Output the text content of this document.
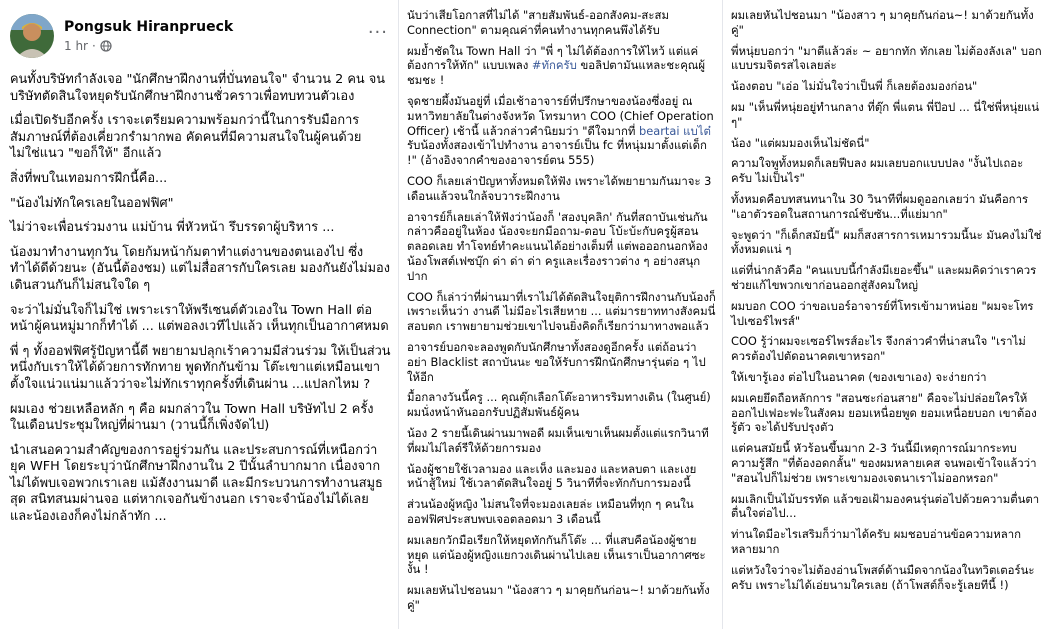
Pongsuk Hiranprueck
1 hr ·
···

คนทั้งบริษัทกำลังเจอ "นักศึกษาฝึกงานที่บั่นทอนใจ" จำนวน 2 คน จนบริษัทตัดสินใจหยุดรับนักศึกษาฝึกงานชั่วคราวเพื่อทบทวนตัวเอง

เมื่อเปิดรับอีกครั้ง เราจะเตรียมความพร้อมกว่านี้ในการรับมือการสัมภาษณ์ที่ต้องเคี่ยวกรำมากพอ คัดคนที่มีความสนใจในผู้คนด้วย ไม่ใช่แนว "ขอก็ให้" อีกแล้ว

สิ่งที่พบในเทอมการฝึกนี้คือ...

"น้องไม่ทักใครเลยในออฟฟิศ"

ไม่ว่าจะเพื่อนร่วมงาน แม่บ้าน พี่หัวหน้า รึบรรดาผู้บริหาร ...

น้องมาทำงานทุกวัน โดยก้มหน้าก้มตาทำแต่งานของตนเองไป ซึ่งทำได้ดีด้วยนะ (อันนี้ต้องชม) แต่ไม่สื่อสารกับใครเลย มองกันยังไม่มอง เดินสวนกันก็ไม่สนใจใด ๆ

จะว่าไม่มั่นใจก็ไม่ใช่ เพราะเราให้พรีเซนต์ตัวเองใน Town Hall ต่อหน้าผู้คนหมู่มากก็ทำได้ ... แต่พอลงเวทีไปแล้ว เห็นทุกเป็นอากาศหมด

พี่ ๆ ทั้งออฟฟิศรู้ปัญหานี้ดี พยายามปลุกเร้าความมีส่วนร่วม ให้เป็นส่วนหนึ่งกับเราให้ได้ด้วยการทักทาย พูดทักกันข้าม โต๊ะเขาแต่เหมือนเขาตั้งใจแน่วแน่มาแล้วว่าจะไม่ทักเราทุกครั้งที่เดินผ่าน ...แปลกไหม ?

ผมเอง ช่วยเหลือหลัก ๆ คือ ผมกล่าวใน Town Hall บริษัทไป 2 ครั้ง ในเดือนประชุมใหญ่ที่ผ่านมา (วานนี้ก็เพิ่งจัดไป)

นำเสนอความสำคัญของการอยู่ร่วมกัน และประสบการณ์ที่เหนือกว่ายุค WFH โดยระบุว่านักศึกษาฝึกงานใน 2 ปีนั้นลำบากมาก เนื่องจากไม่ได้พบเจอพวกเราเลย แม้สังงานมาดี และมีกระบวนการทำงานสมูธสุด สนิทสนมผ่านจอ แต่หากเจอกันข้างนอก เราจะจำน้องไม่ได้เลย และน้องเองก็คงไม่กล้าทัก ...

นับว่าเสียโอกาสที่ไม่ได้ "สายสัมพันธ์-ออกสังคม-สะสม Connection" ตามคุณค่าที่คนทำงานทุกคนพึงได้รับ

ผมย้ำชัดใน Town Hall ว่า "พี่ ๆ ไม่ได้ต้องการให้ไหว้ แต่แค่ต้องการให้ทัก" แบบเพลง #ทักครับ ขอลิปตามันแหละชะคุณผู้ชมชะ !

จุดชายผึ้งมันอยู่ที่ เมื่อเช้าอาจารย์ที่ปรึกษาของน้องซึ่งอยู่ ณ มหาวิทยาลัยในต่างจังหวัด โทรมาหา COO (Chief Operation Officer) เช้านี้ แล้วกล่าวคำนิยมว่า "ดีใจมากที่ beartai แบไต๋ รับน้องทั้งสองเข้าไปทำงาน อาจารย์เป็น fc ที่หนุ่มมาตั้งแต่เด็ก !" (อ้างอิงจากคำของอาจารย์ตน 555)

COO ก็เลยเล่าปัญหาทั้งหมดให้ฟัง เพราะได้พยายามกันมาจะ 3 เดือนแล้วจนใกล้จบวาระฝึกงาน

อาจารย์ก็เลยเล่าให้ฟังว่าน้องก็ 'สองบุคลิก' กันที่สถาบันเช่นกัน กล่าวคืออยู่ในห้อง น้องจะยกมือถาม-ตอบ โบ้ะบ้ะกับครูผู้สอนตลอดเลย ทำโจทย์ทำคะแนนได้อย่างเต็มที่ แต่พอออกนอกห้องน้องโพสต์เฟซบุ๊ก ด่า ด่า ด่า ครูและเรื่องราวต่าง ๆ อย่างสนุกปาก

COO ก็เล่าว่าที่ผ่านมาที่เราไม่ได้ตัดสินใจยุติการฝึกงานกับน้องก็เพราะเห็นว่า งานดี ไม่มีอะไรเสียหาย ... แต่มารยาททางสังคมนี่สอบตก เราพยายามช่วยเขาไปจนยิ่งคิดก็เรียกว่ามาทางพอแล้ว

อาจารย์บอกจะลองพูดกับนักศึกษาทั้งสองดูอีกครั้ง แต่ถ้อนว่าอย่า Blacklist สถาบันนะ ขอให้รับการฝึกนักศึกษารุ่นต่อ ๆ ไปให้อีก

มื้อกลางวันนี้ครู ... คุณตุ๊กเลือกโต๊ะอาหารริมทางเดิน (ในศูนย์) ผมนั่งหน้าหันออกรับปฏิสัมพันธ์ผู้คน

น้อง 2 รายนี้เดินผ่านมาพอดี ผมเห็นเขาเห็นผมตั้งแต่แรกวินาทีที่ผมไม่ไลต์รีให้ด้วยการมอง

น้องผู้ชายใช้เวลามอง และเห็ง และมอง และหลบตา และเงยหน้าสู้ใหม่ ใช้เวลาตัดสินใจอยู่ 5 วินาทีที่จะทักกับการมองนี้

ส่วนน้องผู้หญิง ไม่สนใจที่จะมองเลยล่ะ เหมือนที่ทุก ๆ คนในออฟฟิศประสบพบเจอตลอดมา 3 เดือนนี้

ผมเลยกวักมือเรียกให้หยุดทักกันก็โต๊ะ ... ที่แสบคือน้องผู้ชายหยุด แต่น้องผู้หญิงแยกวงเดินผ่านไปเลย เห็นเราเป็นอากาศซะงั้น !

ผมเลยหันไปชอนมา "น้องสาว ๆ มาคุยกันก่อน~! มาด้วยกันทั้งคู่"

ผมเลยหันไปชอนมา "น้องสาว ๆ มาคุยกันก่อน~! มาด้วยกันทั้งคู่"

พี่หนุ่ยบอกว่า "มาตีแล้วล่ะ ~ อยากทัก ทักเลย ไม่ต้องลังเล" บอกแบบรมจิตรสไจเลยล่ะ

น้องตอบ "เอ่อ ไม่มั่นใจว่าเป็นพี่ ก็เลยต้องมองก่อน"

ผม "เห็นพี่หนุ่ยอยู่ทำนกลาง ที่ตุ๊ก พี่แตน พี่ป๊อป ... นี่ใช่พี่หนุ่ยแน่ ๆ"

น้อง "แต่ผมมองเห็นไม่ชัดนี่"

ความใจพูทั้งหมดก็เลยฟีบลง ผมเลยบอกแบบปลง "งั้นไปเถอะครับ ไม่เป็นไร"

ทั้งหมดคือบทสนทนาใน 30 วินาทีที่ผมดูออกเลยว่า มันคือการ "เอาตัวรอดในสถานการณ์ชับซัน...ที่แย่มาก"

จะพูดว่า "ก็เด็กสมัยนี้" ผมก็สงสารการเหมารวมนี้นะ มันคงไม่ใช่ทั้งหมดแน่ ๆ

แต่ที่น่ากลัวคือ "คนแบบนี้กำลังมีเยอะขึ้น" และผมคิดว่าเราควรช่วยแก้ไขพวกเขาก่อนออกสู่สังคมใหญ่

ผมบอก COO ว่าขอเบอร์อาจารย์ที่โทรเข้ามาหน่อย "ผมจะโทรไปเซอร์ไพรส์"

COO รู้ว่าผมจะเซอร์ไพรส์อะไร จึงกล่าวคำที่น่าสนใจ "เราไม่ควรต้องไปตัดอนาคตเขาหรอก"

ให้เขารู้เอง ต่อไปในอนาคต (ของเขาเอง) จะง่ายกว่า

ผมเคยยึดถือหลักการ "สอนซะก่อนสาย" คือจะไม่ปล่อยใครให้ออกไปเฟอะฟะในสังคม ยอมเหนื่อยพูด ยอมเหนื่อยบอก เขาต้องรู้ตัว จะได้ปรับปรุงตัว

แต่คนสมัยนี้ หัวร้อนขึ้นมาก 2-3 วันนี้มีเหตุการณ์มากระทบความรู้สึก "ที่ต้องอดกลั้น" ของผมหลายเคส จนพอเข้าใจแล้วว่า "สอนไปก็ไม่ช่วย เพราะเขามองเจตนาเราไม่ออกหรอก"

ผมเลิกเป็นไม้บรรทัด แล้วขอเฝ้ามองคนรุ่นต่อไปด้วยความตื่นตาตื่นใจต่อไป...

ท่านใดมีอะไรเสริมก็ว่ามาได้ครับ ผมชอบอ่านข้อความหลากหลายมาก

แต่หวังใจว่าจะไม่ต้องอ่านโพสต์ด้านมืดจากน้องในทวิตเตอร์นะครับ เพราะไม่ได้เอ่ยนามใครเลย (ถ้าโพสต์ก็จะรู้เลยทีนี้ !)
